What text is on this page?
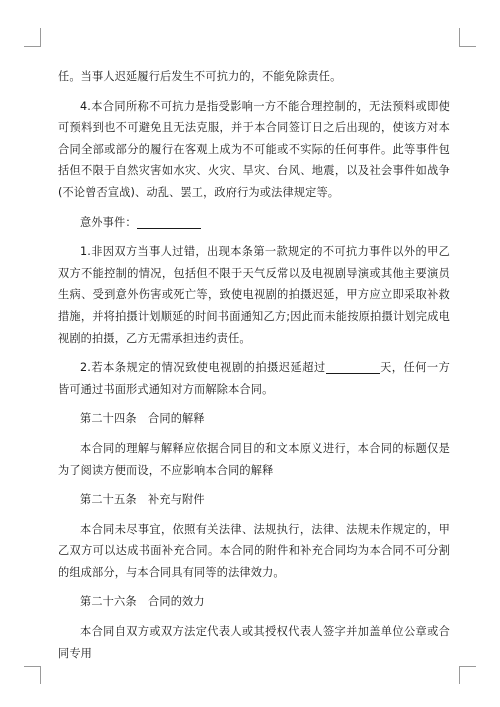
任。当事人迟延履行后发生不可抗力的，不能免除责任。

4.本合同所称不可抗力是指受影响一方不能合理控制的，无法预料或即使可预料到也不可避免且无法克服，并于本合同签订日之后出现的，使该方对本合同全部或部分的履行在客观上成为不可能或不实际的任何事件。此等事件包括但不限于自然灾害如水灾、火灾、旱灾、台风、地震，以及社会事件如战争(不论曾否宣战)、动乱、罢工，政府行为或法律规定等。

意外事件：

1.非因双方当事人过错，出现本条第一款规定的不可抗力事件以外的甲乙双方不能控制的情况，包括但不限于天气反常以及电视剧导演或其他主要演员生病、受到意外伤害或死亡等，致使电视剧的拍摄迟延，甲方应立即采取补救措施，并将拍摄计划顺延的时间书面通知乙方;因此而未能按原拍摄计划完成电视剧的拍摄，乙方无需承担违约责任。

2.若本条规定的情况致使电视剧的拍摄迟延超过	天，任何一方皆可通过书面形式通知对方而解除本合同。

第二十四条　合同的解释

本合同的理解与解释应依据合同目的和文本原义进行，本合同的标题仅是为了阅读方便而设，不应影响本合同的解释

第二十五条　补充与附件

本合同未尽事宜，依照有关法律、法规执行，法律、法规未作规定的，甲乙双方可以达成书面补充合同。本合同的附件和补充合同均为本合同不可分割的组成部分，与本合同具有同等的法律效力。

第二十六条　合同的效力

本合同自双方或双方法定代表人或其授权代表人签字并加盖单位公章或合同专用
